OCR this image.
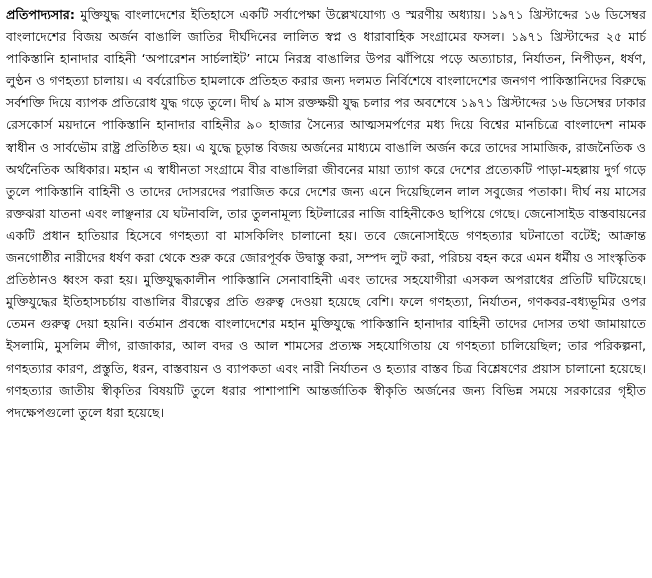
প্রতিপাদ্যসার: মুক্তিযুদ্ধ বাংলাদেশের ইতিহাসে একটি সর্বাপেক্ষা উল্লেখযোগ্য ও স্মরণীয় অধ্যায়। ১৯৭১ খ্রিস্টাব্দের ১৬ ডিসেম্বর বাংলাদেশের বিজয় অর্জন বাঙালি জাতির দীর্ঘদিনের লালিত স্বপ্ন ও ধারাবাহিক সংগ্রামের ফসল। ১৯৭১ খ্রিস্টাব্দের ২৫ মার্চ পাকিস্তানি হানাদার বাহিনী ‘অপারেশন সার্চলাইট’ নামে নিরস্ত্র বাঙালির উপর ঝাঁপিয়ে পড়ে অত্যাচার, নির্যাতন, নিপীড়ন, ধর্ষণ, লুণ্ঠন ও গণহত্যা চালায়। এ বর্বরোচিত হামলাকে প্রতিহত করার জন্য দলমত নির্বিশেষে বাংলাদেশের জনগণ পাকিস্তানিদের বিরুদ্ধে সর্বশক্তি দিয়ে ব্যাপক প্রতিরোধ যুদ্ধ গড়ে তুলে। দীর্ঘ ৯ মাস রক্তক্ষয়ী যুদ্ধ চলার পর অবশেষে ১৯৭১ খ্রিস্টাব্দের ১৬ ডিসেম্বর ঢাকার রেসকোর্স ময়দানে পাকিস্তানি হানাদার বাহিনীর ৯০ হাজার সৈন্যের আত্মসমর্পণের মধ্য দিয়ে বিশ্বের মানচিত্রে বাংলাদেশ নামক স্বাধীন ও সার্বভৌম রাষ্ট্র প্রতিষ্ঠিত হয়। এ যুদ্ধে চূড়ান্ত বিজয় অর্জনের মাধ্যমে বাঙালি অর্জন করে তাদের সামাজিক, রাজনৈতিক ও অর্থনৈতিক অধিকার। মহান এ স্বাধীনতা সংগ্রামে বীর বাঙালিরা জীবনের মায়া ত্যাগ করে দেশের প্রত্যেকটি পাড়া-মহল্লায় দুর্গ গড়ে তুলে পাকিস্তানি বাহিনী ও তাদের দোসরদের পরাজিত করে দেশের জন্য এনে দিয়েছিলেন লাল সবুজের পতাকা। দীর্ঘ নয় মাসের রক্তঝরা যাতনা এবং লাঞ্ছনার যে ঘটনাবলি, তার তুলনামূল্য হিটলারের নাজি বাহিনীকেও ছাপিয়ে গেছে। জেনোসাইড বাস্তবায়নের একটি প্রধান হাতিয়ার হিসেবে গণহত্যা বা মাসকিলিং চালানো হয়। তবে জেনোসাইডে গণহত্যার ঘটনাতো বটেই; আক্রান্ত জনগোষ্ঠীর নারীদের ধর্ষণ করা থেকে শুরু করে জোরপূর্বক উদ্বাস্তু করা, সম্পদ লুট করা, পরিচয় বহন করে এমন ধর্মীয় ও সাংস্কৃতিক প্রতিষ্ঠানও ধ্বংস করা হয়। মুক্তিযুদ্ধকালীন পাকিস্তানি সেনাবাহিনী এবং তাদের সহযোগীরা এসকল অপরাধের প্রতিটি ঘটিয়েছে। মুক্তিযুদ্ধের ইতিহাসচর্চায় বাঙালির বীরত্বের প্রতি গুরুত্ব দেওয়া হয়েছে বেশি। ফলে গণহত্যা, নির্যাতন, গণকবর-বধ্যভূমির ওপর তেমন গুরুত্ব দেয়া হয়নি। বর্তমান প্রবন্ধে বাংলাদেশের মহান মুক্তিযুদ্ধে পাকিস্তানি হানাদার বাহিনী তাদের দোসর তথা জামায়াতে ইসলামি, মুসলিম লীগ, রাজাকার, আল বদর ও আল শামসের প্রত্যক্ষ সহযোগিতায় যে গণহত্যা চালিয়েছিল; তার পরিকল্পনা, গণহত্যার কারণ, প্রস্তুতি, ধরন, বাস্তবায়ন ও ব্যাপকতা এবং নারী নির্যাতন ও হত্যার বাস্তব চিত্র বিশ্লেষণের প্রয়াস চালানো হয়েছে। গণহত্যার জাতীয় স্বীকৃতির বিষয়টি তুলে ধরার পাশাপাশি আন্তর্জাতিক স্বীকৃতি অর্জনের জন্য বিভিন্ন সময়ে সরকারের গৃহীত পদক্ষেপগুলো তুলে ধরা হয়েছে।
